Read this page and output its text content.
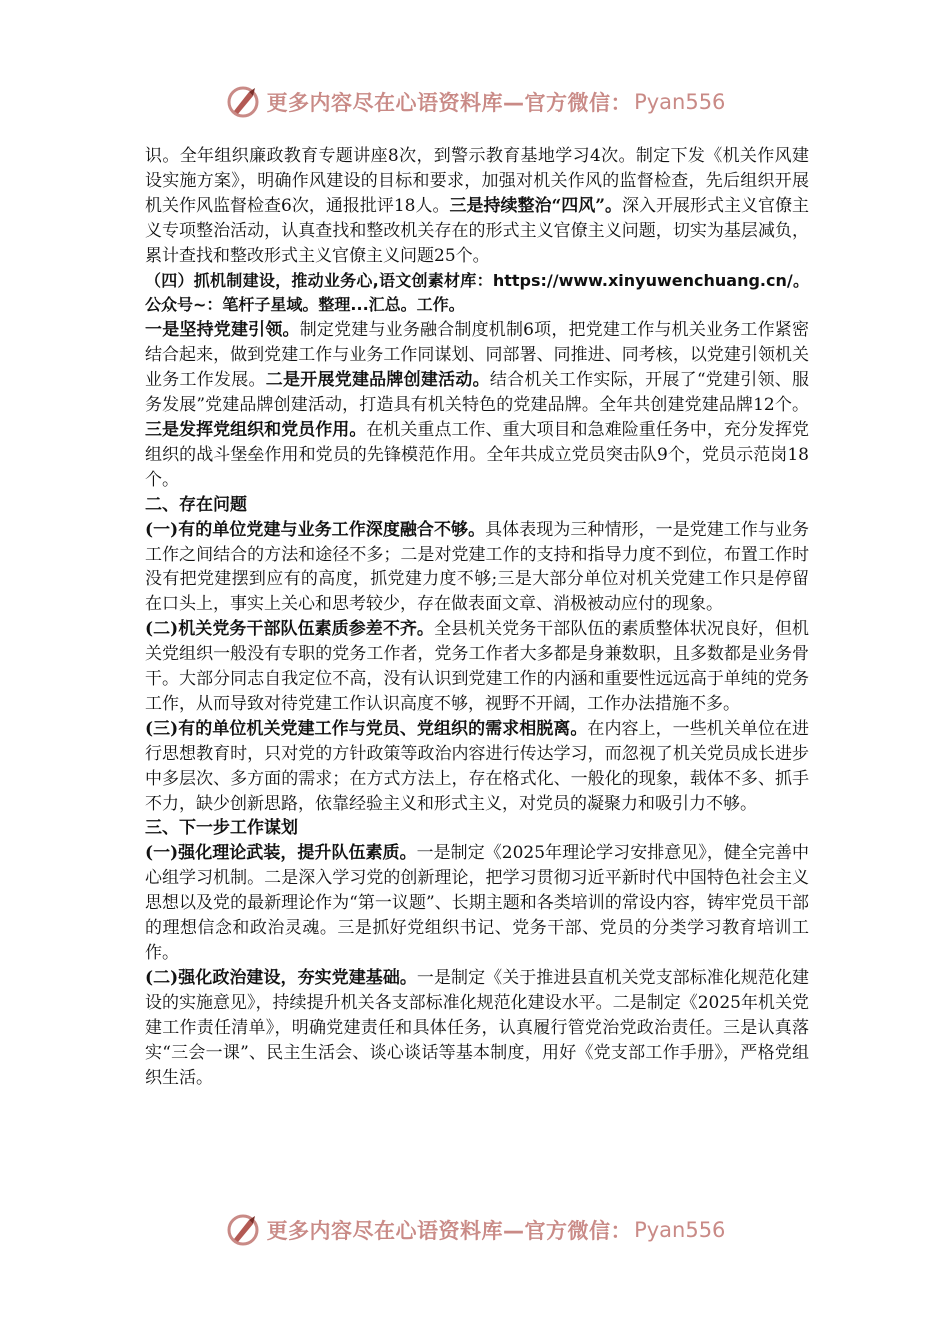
更多内容尽在心语资料库—官方微信： Pyan556

识。全年组织廉政教育专题讲座8次，到警示教育基地学习4次。制定下发《机关作风建设实施方案》，明确作风建设的目标和要求，加强对机关作风的监督检查，先后组织开展机关作风监督检查6次，通报批评18人。三是持续整治“四风”。深入开展形式主义官僚主义专项整治活动，认真查找和整改机关存在的形式主义官僚主义问题，切实为基层减负，累计查找和整改形式主义官僚主义问题25个。

（四）抓机制建设，推动业务心,语文创素材库：https://www.xinyuwenchuang.cn/。公众号~：笔杆子星域。整理...汇总。工作。

一是坚持党建引领。制定党建与业务融合制度机制6项，把党建工作与机关业务工作紧密结合起来，做到党建工作与业务工作同谋划、同部署、同推进、同考核，以党建引领机关业务工作发展。二是开展党建品牌创建活动。结合机关工作实际，开展了“党建引领、服务发展”党建品牌创建活动，打造具有机关特色的党建品牌。全年共创建党建品牌12个。三是发挥党组织和党员作用。在机关重点工作、重大项目和急难险重任务中，充分发挥党组织的战斗堡垒作用和党员的先锋模范作用。全年共成立党员突击队9个，党员示范岗18个。

二、存在问题

(一)有的单位党建与业务工作深度融合不够。具体表现为三种情形，一是党建工作与业务工作之间结合的方法和途径不多；二是对党建工作的支持和指导力度不到位，布置工作时没有把党建摆到应有的高度，抓党建力度不够;三是大部分单位对机关党建工作只是停留在口头上，事实上关心和思考较少，存在做表面文章、消极被动应付的现象。

(二)机关党务干部队伍素质参差不齐。全县机关党务干部队伍的素质整体状况良好，但机关党组织一般没有专职的党务工作者，党务工作者大多都是身兼数职，且多数都是业务骨干。大部分同志自我定位不高，没有认识到党建工作的内涵和重要性远远高于单纯的党务工作，从而导致对待党建工作认识高度不够，视野不开阔，工作办法措施不多。

(三)有的单位机关党建工作与党员、党组织的需求相脱离。在内容上，一些机关单位在进行思想教育时，只对党的方针政策等政治内容进行传达学习，而忽视了机关党员成长进步中多层次、多方面的需求；在方式方法上，存在格式化、一般化的现象，载体不多、抓手不力，缺少创新思路，依靠经验主义和形式主义，对党员的凝聚力和吸引力不够。

三、下一步工作谋划

(一)强化理论武装，提升队伍素质。一是制定《2025年理论学习安排意见》，健全完善中心组学习机制。二是深入学习党的创新理论，把学习贯彻习近平新时代中国特色社会主义思想以及党的最新理论作为“第一议题”、长期主题和各类培训的常设内容，铸牢党员干部的理想信念和政治灵魂。三是抓好党组织书记、党务干部、党员的分类学习教育培训工作。

(二)强化政治建设，夯实党建基础。一是制定《关于推进县直机关党支部标准化规范化建设的实施意见》，持续提升机关各支部标准化规范化建设水平。二是制定《2025年机关党建工作责任清单》，明确党建责任和具体任务，认真履行管党治党政治责任。三是认真落实“三会一课”、民主生活会、谈心谈话等基本制度，用好《党支部工作手册》，严格党组织生活。

更多内容尽在心语资料库—官方微信： Pyan556
